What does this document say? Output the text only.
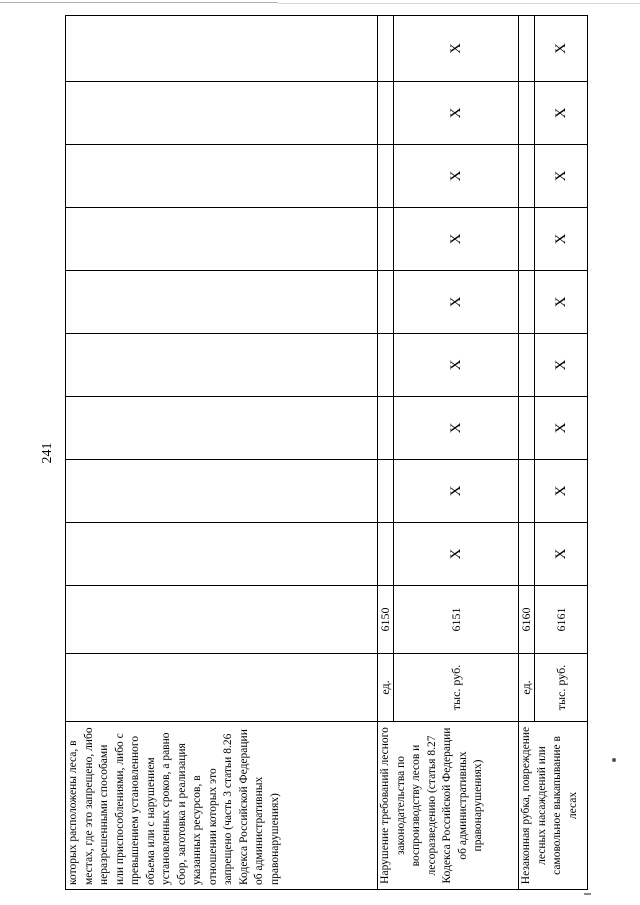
241
которых расположены леса, в местах, где это запрещено, либо неразрешенными способами или приспособлениями, либо с превышением установленного объема или с нарушением установленных сроков, а равно сбор, заготовка и реализация указанных ресурсов, в отношении которых это запрещено (часть 3 статьи 8.26 Кодекса Российской Федерации об административных правонарушениях)											

Нарушение требований лесного законодательства по воспроизводству лесов и лесоразведению (статья 8.27 Кодекса Российской Федерации об административных правонарушениях)	ед.	6150									
	тыс. руб.	6151	X	X	X	X	X	X	X	X	X

Незаконная рубка, повреждение лесных насаждений или самовольное выкапывание в лесах	ед.	6160									
	тыс. руб.	6161	X	X	X	X	X	X	X	X	X
